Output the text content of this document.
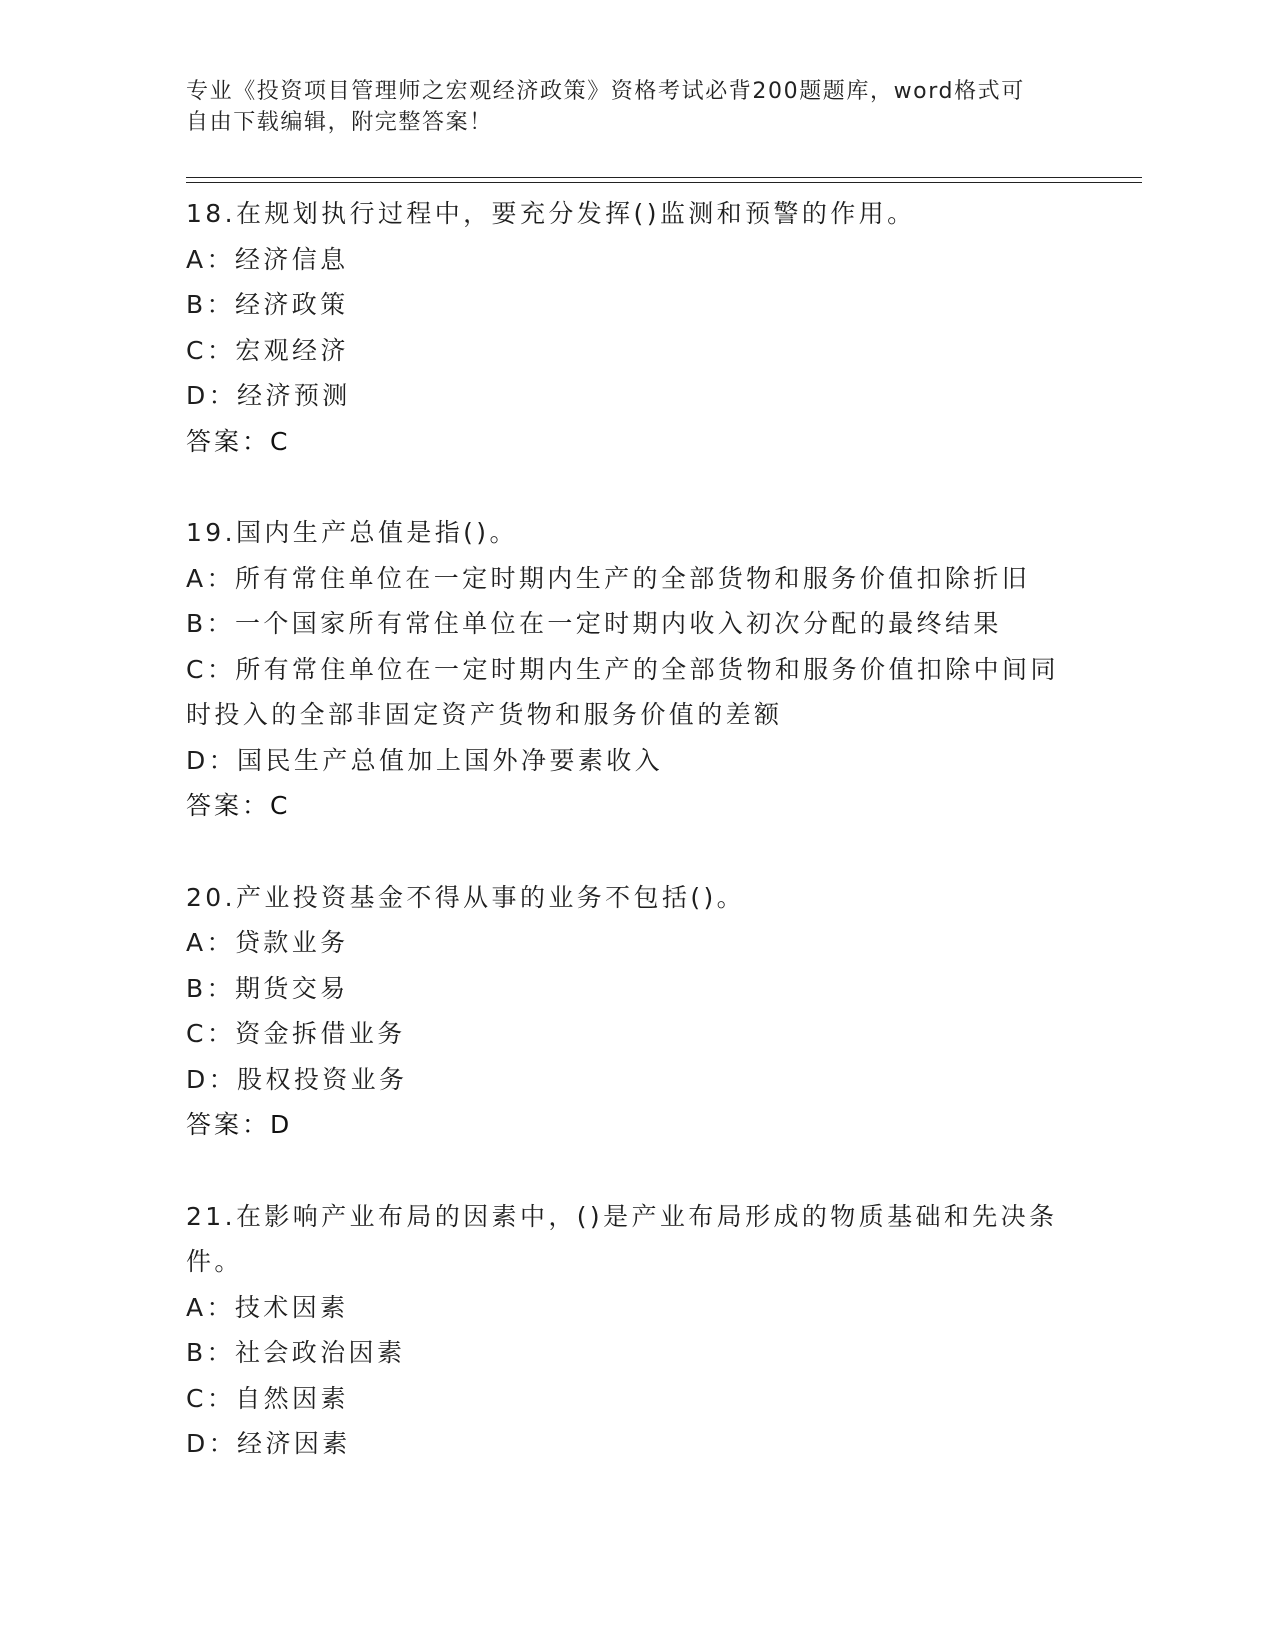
专业《投资项目管理师之宏观经济政策》资格考试必背200题题库，word格式可
自由下载编辑，附完整答案！
18.在规划执行过程中，要充分发挥()监测和预警的作用。
A：经济信息
B：经济政策
C：宏观经济
D：经济预测
答案：C
19.国内生产总值是指()。
A：所有常住单位在一定时期内生产的全部货物和服务价值扣除折旧
B：一个国家所有常住单位在一定时期内收入初次分配的最终结果
C：所有常住单位在一定时期内生产的全部货物和服务价值扣除中间同
时投入的全部非固定资产货物和服务价值的差额
D：国民生产总值加上国外净要素收入
答案：C
20.产业投资基金不得从事的业务不包括()。
A：贷款业务
B：期货交易
C：资金拆借业务
D：股权投资业务
答案：D
21.在影响产业布局的因素中，()是产业布局形成的物质基础和先决条
件。
A：技术因素
B：社会政治因素
C：自然因素
D：经济因素
